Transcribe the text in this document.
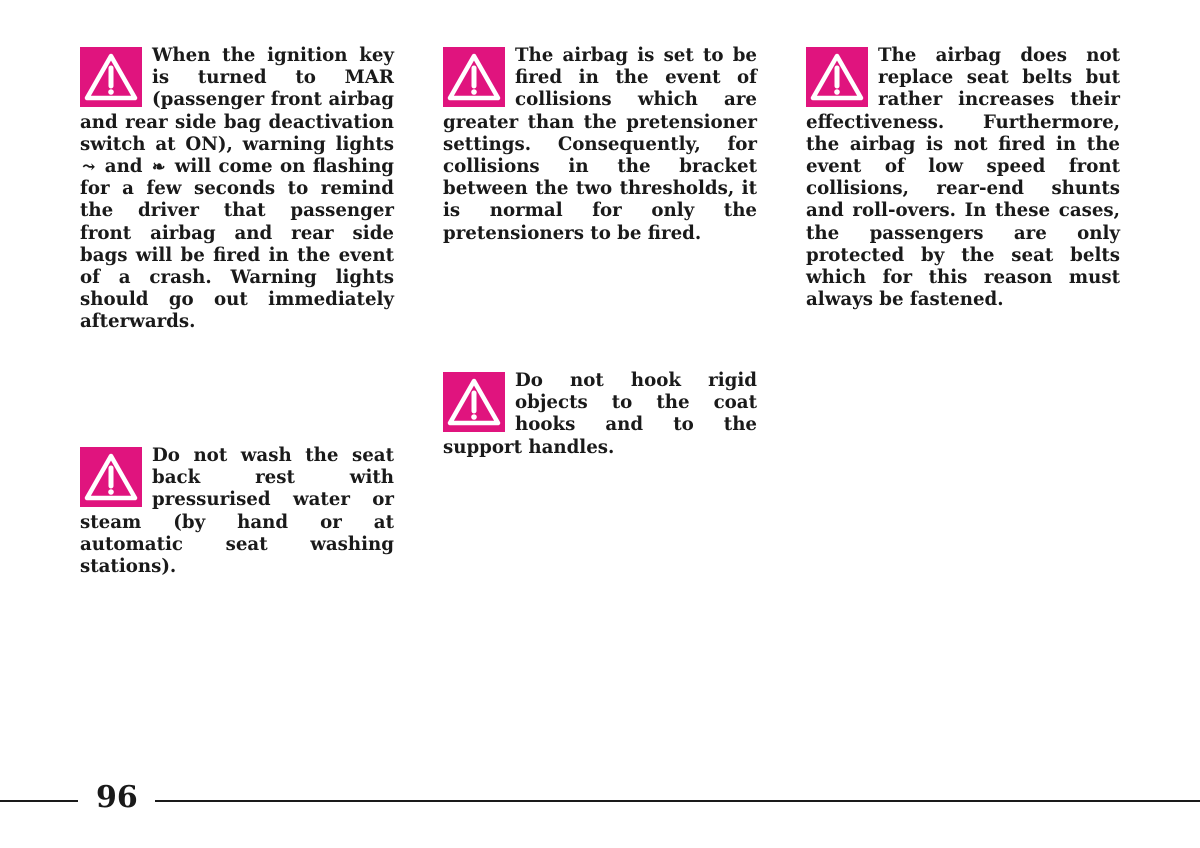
When the ignition key is turned to MAR (passenger front airbag and rear side bag deactivation switch at ON), warning lights ⤳ and ❧ will come on flashing for a few seconds to remind the driver that passenger front airbag and rear side bags will be fired in the event of a crash. Warning lights should go out immediately afterwards.

The airbag is set to be fired in the event of collisions which are greater than the pretensioner settings. Consequently, for collisions in the bracket between the two thresholds, it is normal for only the pretensioners to be fired.

The airbag does not replace seat belts but rather increases their effectiveness. Furthermore, the airbag is not fired in the event of low speed front collisions, rear-end shunts and roll-overs. In these cases, the passengers are only protected by the seat belts which for this reason must always be fastened.

Do not hook rigid objects to the coat hooks and to the support handles.

Do not wash the seat back rest with pressurised water or steam (by hand or at automatic seat washing stations).

96
